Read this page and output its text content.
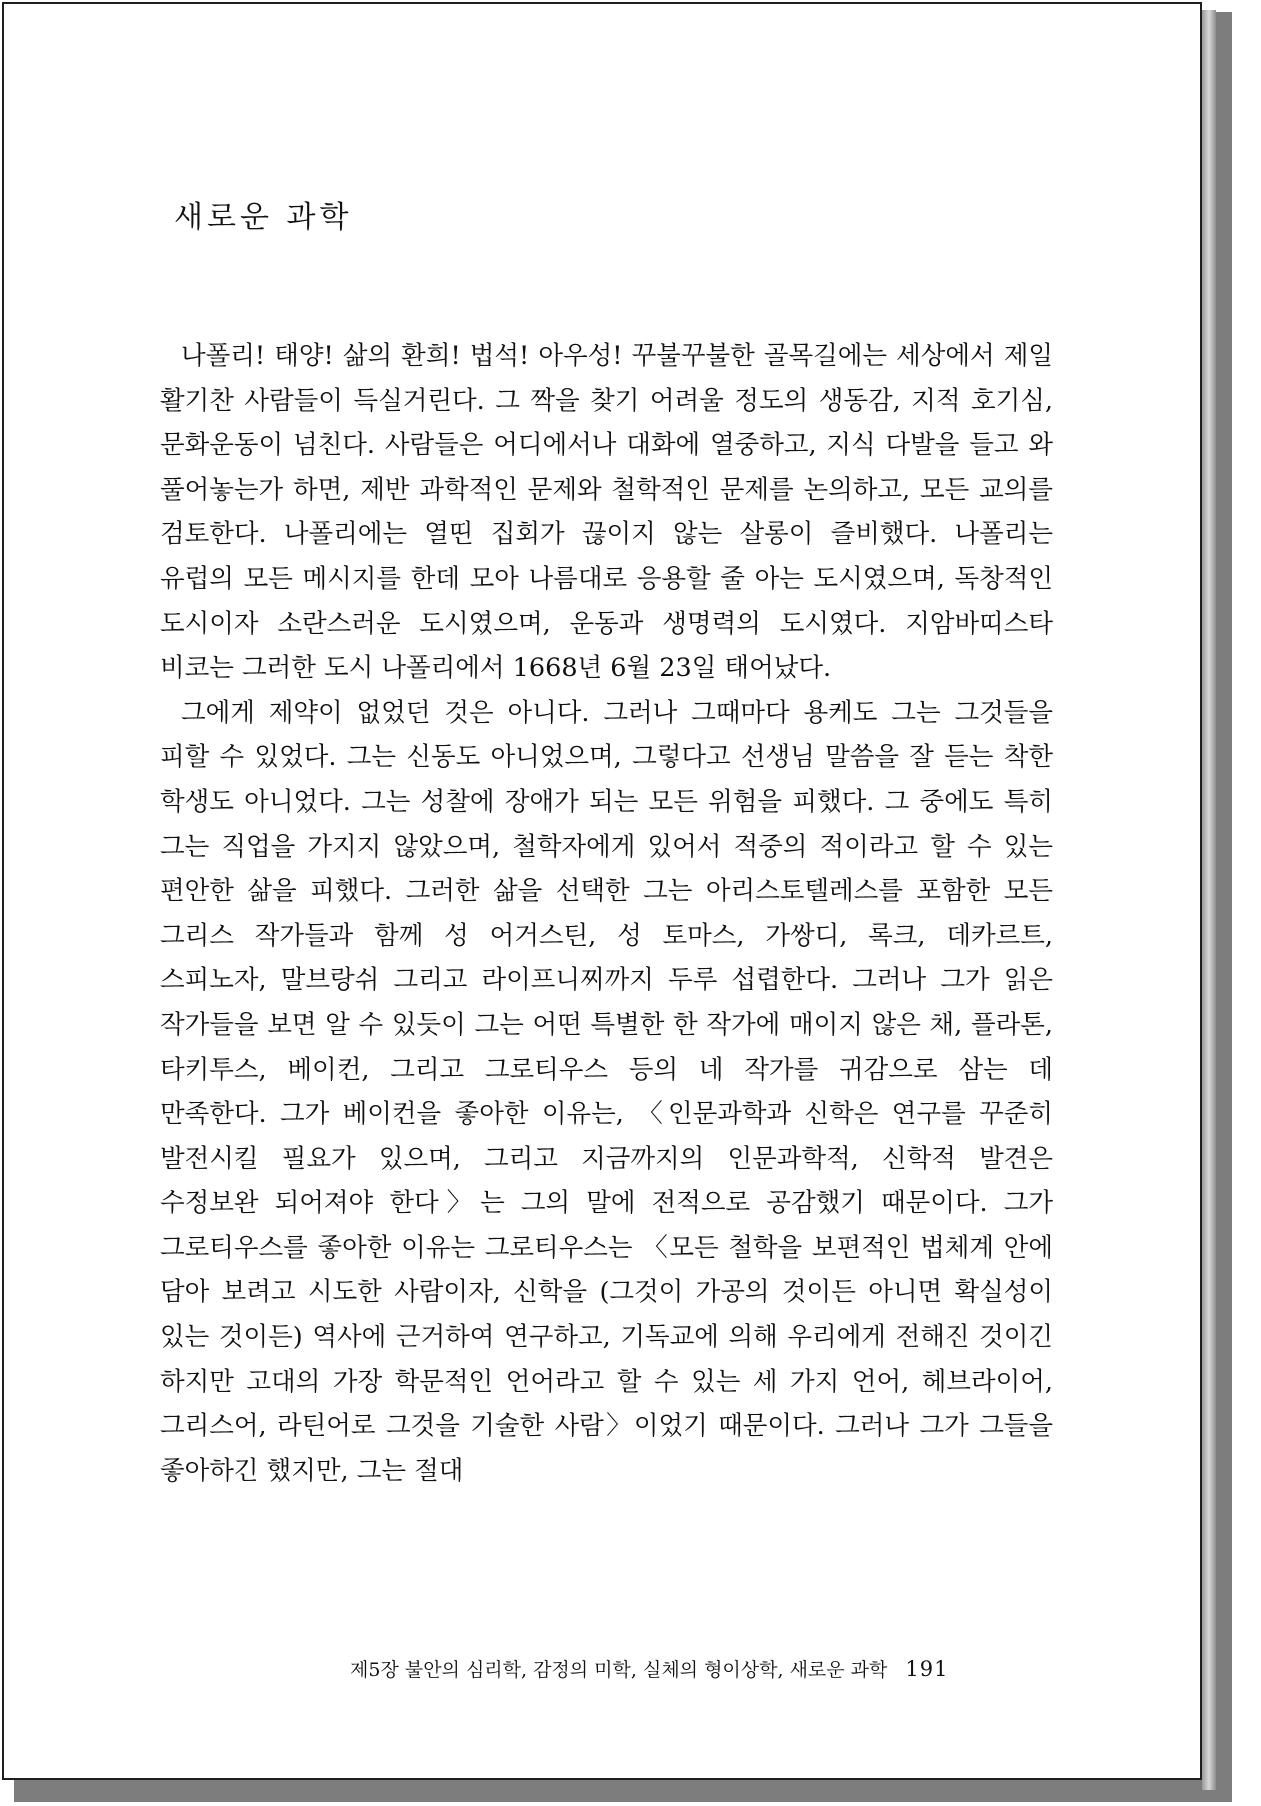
새로운 과학

나폴리! 태양! 삶의 환희! 법석! 아우성! 꾸불꾸불한 골목길에는 세상에서 제일 활기찬 사람들이 득실거린다. 그 짝을 찾기 어려울 정도의 생동감, 지적 호기심, 문화운동이 넘친다. 사람들은 어디에서나 대화에 열중하고, 지식 다발을 들고 와 풀어놓는가 하면, 제반 과학적인 문제와 철학적인 문제를 논의하고, 모든 교의를 검토한다. 나폴리에는 열띤 집회가 끊이지 않는 살롱이 즐비했다. 나폴리는 유럽의 모든 메시지를 한데 모아 나름대로 응용할 줄 아는 도시였으며, 독창적인 도시이자 소란스러운 도시였으며, 운동과 생명력의 도시였다. 지암바띠스타 비코는 그러한 도시 나폴리에서 1668년 6월 23일 태어났다.

그에게 제약이 없었던 것은 아니다. 그러나 그때마다 용케도 그는 그것들을 피할 수 있었다. 그는 신동도 아니었으며, 그렇다고 선생님 말씀을 잘 듣는 착한 학생도 아니었다. 그는 성찰에 장애가 되는 모든 위험을 피했다. 그 중에도 특히 그는 직업을 가지지 않았으며, 철학자에게 있어서 적중의 적이라고 할 수 있는 편안한 삶을 피했다. 그러한 삶을 선택한 그는 아리스토텔레스를 포함한 모든 그리스 작가들과 함께 성 어거스틴, 성 토마스, 가쌍디, 록크, 데카르트, 스피노자, 말브랑쉬 그리고 라이프니찌까지 두루 섭렵한다. 그러나 그가 읽은 작가들을 보면 알 수 있듯이 그는 어떤 특별한 한 작가에 매이지 않은 채, 플라톤, 타키투스, 베이컨, 그리고 그로티우스 등의 네 작가를 귀감으로 삼는 데 만족한다. 그가 베이컨을 좋아한 이유는, 〈인문과학과 신학은 연구를 꾸준히 발전시킬 필요가 있으며, 그리고 지금까지의 인문과학적, 신학적 발견은 수정보완 되어져야 한다〉는 그의 말에 전적으로 공감했기 때문이다. 그가 그로티우스를 좋아한 이유는 그로티우스는 〈모든 철학을 보편적인 법체계 안에 담아 보려고 시도한 사람이자, 신학을 (그것이 가공의 것이든 아니면 확실성이 있는 것이든) 역사에 근거하여 연구하고, 기독교에 의해 우리에게 전해진 것이긴 하지만 고대의 가장 학문적인 언어라고 할 수 있는 세 가지 언어, 헤브라이어, 그리스어, 라틴어로 그것을 기술한 사람〉이었기 때문이다. 그러나 그가 그들을 좋아하긴 했지만, 그는 절대

제5장 불안의 심리학, 감정의 미학, 실체의 형이상학, 새로운 과학 191
